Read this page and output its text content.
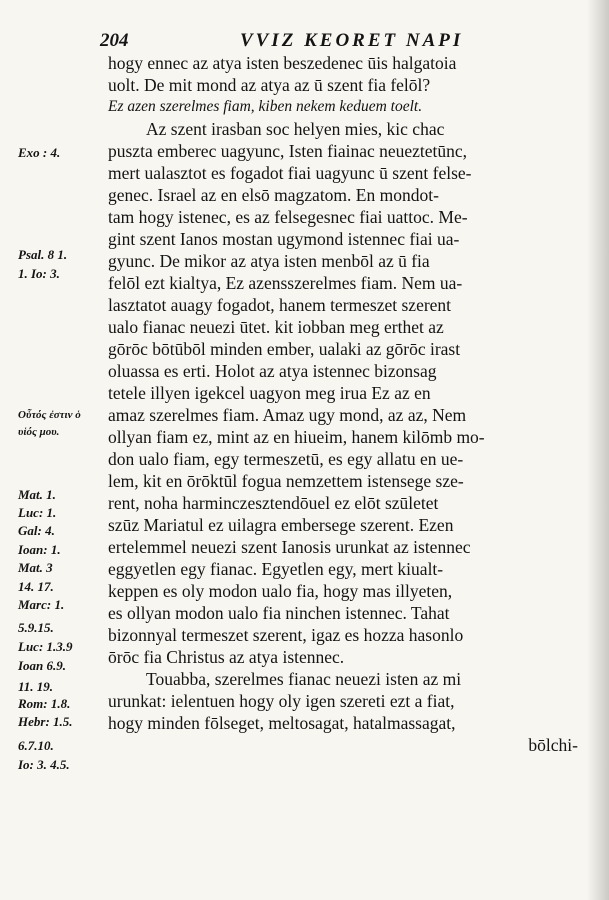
204	VVIZ KEORET NAPI
hogy ennec az atya isten beszedenec ūis halgatoia
uolt. De mit mond az atya az ū szent fia felōl?
Ez azen szerelmes fiam, kiben nekem keduem toelt.
Az szent irasban soc helyen mies, kic chac
puszta emberec uagyunc, Isten fiainac neueztetūnc,
mert ualasztot es fogadot fiai uagyunc ū szent felse-
genec. Israel az en elsō magzatom. En mondot-
tam hogy istenec, es az felsegesnec fiai uattoc. Me-
gint szent Ianos mostan ugymond istennec fiai ua-
gyunc. De mikor az atya isten menbōl az ū fia
felōl ezt kialtya, Ez azensszerelmes fiam. Nem ua-
lasztatot auagy fogadot, hanem termeszet szerent
ualo fianac neuezi ūtet. kit iobban meg erthet az
gōrōc bōtūbōl minden ember, ualaki az gōrōc irast
oluassa es erti. Holot az atya istennec bizonsag
tetele illyen igekcel uagyon meg irua Ez az en
amaz szerelmes fiam. Amaz ugy mond, az az, Nem
ollyan fiam ez, mint az en hiueim, hanem kilōmb mo-
don ualo fiam, egy termeszetū, es egy allatu en ue-
lem, kit en ōrōktūl fogua nemzettem istensege sze-
rent, noha harminczesztendōuel ez elōt szūletet
szūz Mariatul ez uilagra embersege szerent. Ezen
ertelemmel neuezi szent Ianosis urunkat az istennec
eggyetlen egy fianac. Egyetlen egy, mert kiualt-
keppen es oly modon ualo fia, hogy mas illyeten,
es ollyan modon ualo fia ninchen istennec. Tahat
bizonnyal termeszet szerent, igaz es hozza hasonlo
ōrōc fia Christus az atya istennec.
Touabba, szerelmes fianac neuezi isten az mi
urunkat: ielentuen hogy oly igen szereti ezt a fiat,
hogy minden fōlseget, meltosagat, hatalmassagat,
bōlchi-
Exo : 4.
Psal. 8 1.
1. Io: 3.
Οὗτός ἐστιν ὁ
υἱός μου.
Mat. 1.
Luc: 1.
Gal: 4.
Ioan: 1.
Mat. 3
14. 17.
Marc: 1.
5.9.15.
Luc: 1.3.9
Ioan 6.9.
11. 19.
Rom: 1.8.
Hebr: 1.5.
6.7.10.
Io: 3. 4.5.
